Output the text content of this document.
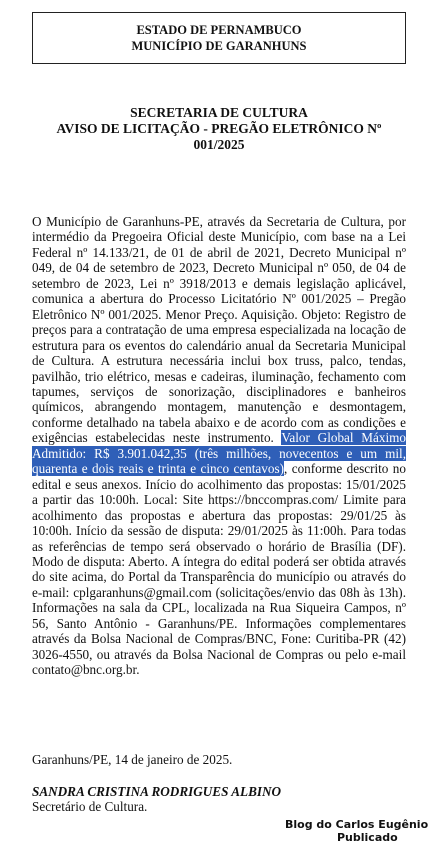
ESTADO DE PERNAMBUCO
MUNICÍPIO DE GARANHUNS
SECRETARIA DE CULTURA
AVISO DE LICITAÇÃO - PREGÃO ELETRÔNICO Nº
001/2025
O Município de Garanhuns-PE, através da Secretaria de Cultura, por intermédio da Pregoeira Oficial deste Município, com base na a Lei Federal nº 14.133/21, de 01 de abril de 2021, Decreto Municipal nº 049, de 04 de setembro de 2023, Decreto Municipal nº 050, de 04 de setembro de 2023, Lei nº 3918/2013 e demais legislação aplicável, comunica a abertura do Processo Licitatório Nº 001/2025 – Pregão Eletrônico Nº 001/2025. Menor Preço. Aquisição. Objeto: Registro de preços para a contratação de uma empresa especializada na locação de estrutura para os eventos do calendário anual da Secretaria Municipal de Cultura. A estrutura necessária inclui box truss, palco, tendas, pavilhão, trio elétrico, mesas e cadeiras, iluminação, fechamento com tapumes, serviços de sonorização, disciplinadores e banheiros químicos, abrangendo montagem, manutenção e desmontagem, conforme detalhado na tabela abaixo e de acordo com as condições e exigências estabelecidas neste instrumento. Valor Global Máximo Admitido: R$ 3.901.042,35 (três milhões, novecentos e um mil, quarenta e dois reais e trinta e cinco centavos), conforme descrito no edital e seus anexos. Início do acolhimento das propostas: 15/01/2025 a partir das 10:00h. Local: Site https://bnccompras.com/ Limite para acolhimento das propostas e abertura das propostas: 29/01/25 às 10:00h. Início da sessão de disputa: 29/01/2025 às 11:00h. Para todas as referências de tempo será observado o horário de Brasília (DF). Modo de disputa: Aberto. A íntegra do edital poderá ser obtida através do site acima, do Portal da Transparência do município ou através do e-mail: cplgaranhuns@gmail.com (solicitações/envio das 08h às 13h). Informações na sala da CPL, localizada na Rua Siqueira Campos, nº 56, Santo Antônio - Garanhuns/PE. Informações complementares através da Bolsa Nacional de Compras/BNC, Fone: Curitiba-PR (42) 3026-4550, ou através da Bolsa Nacional de Compras ou pelo e-mail contato@bnc.org.br.
Garanhuns/PE, 14 de janeiro de 2025.
SANDRA CRISTINA RODRIGUES ALBINO
Secretário de Cultura.
Blog do Carlos Eugênio
Publicado
